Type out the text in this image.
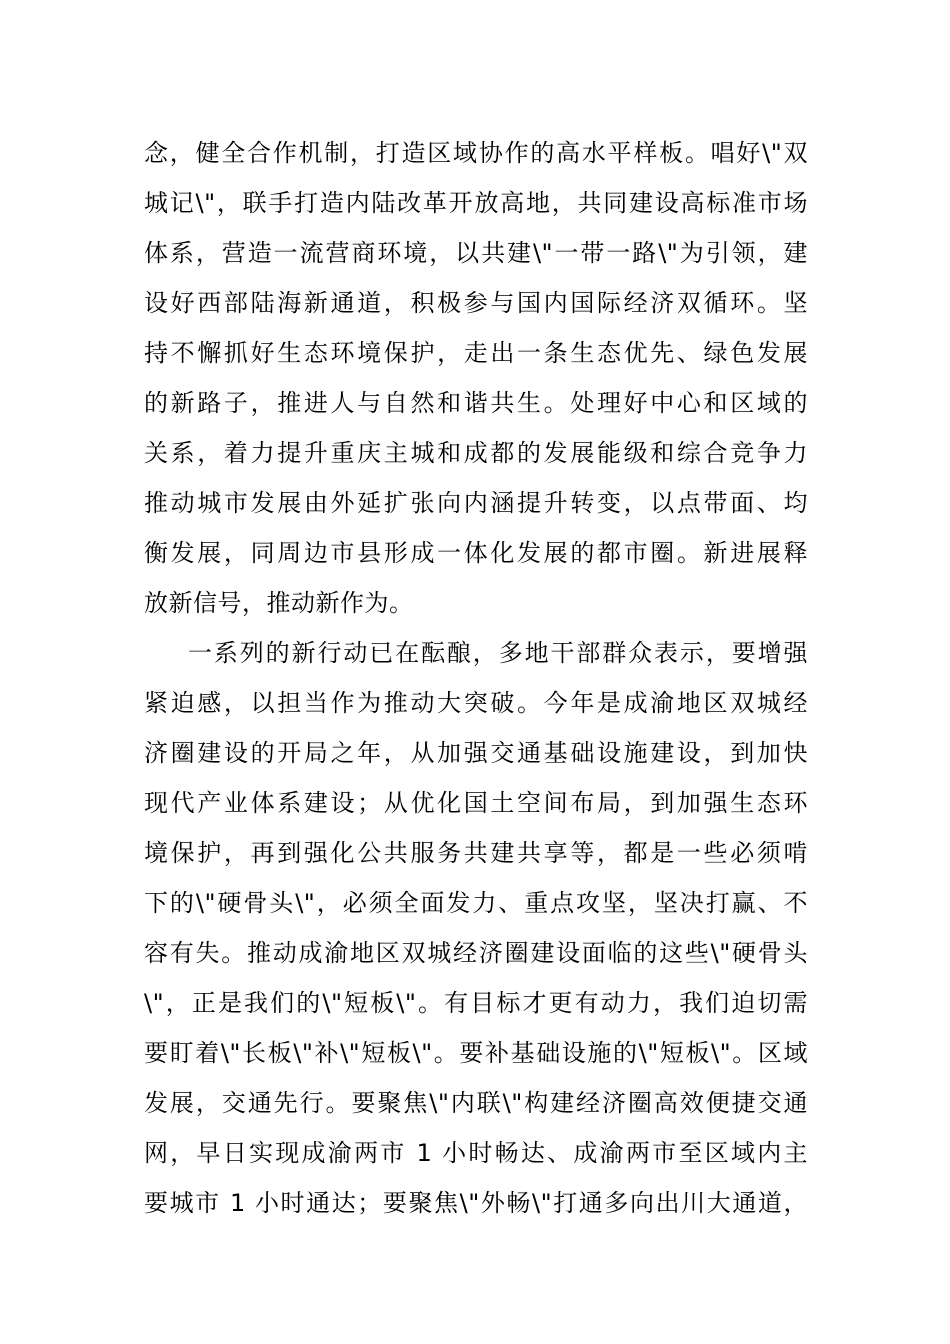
念，健全合作机制，打造区域协作的高水平样板。唱好\"双
城记\"，联手打造内陆改革开放高地，共同建设高标准市场
体系，营造一流营商环境，以共建\"一带一路\"为引领，建
设好西部陆海新通道，积极参与国内国际经济双循环。坚
持不懈抓好生态环境保护，走出一条生态优先、绿色发展
的新路子，推进人与自然和谐共生。处理好中心和区域的
关系，着力提升重庆主城和成都的发展能级和综合竞争力
推动城市发展由外延扩张向内涵提升转变，以点带面、均
衡发展，同周边市县形成一体化发展的都市圈。新进展释
放新信号，推动新作为。
一系列的新行动已在酝酿，多地干部群众表示，要增强
紧迫感，以担当作为推动大突破。今年是成渝地区双城经
济圈建设的开局之年，从加强交通基础设施建设，到加快
现代产业体系建设；从优化国土空间布局，到加强生态环
境保护，再到强化公共服务共建共享等，都是一些必须啃
下的\"硬骨头\"，必须全面发力、重点攻坚，坚决打赢、不
容有失。推动成渝地区双城经济圈建设面临的这些\"硬骨头
\"，正是我们的\"短板\"。有目标才更有动力，我们迫切需
要盯着\"长板\"补\"短板\"。要补基础设施的\"短板\"。区域
发展，交通先行。要聚焦\"内联\"构建经济圈高效便捷交通
网，早日实现成渝两市 1 小时畅达、成渝两市至区域内主
要城市 1 小时通达；要聚焦\"外畅\"打通多向出川大通道，
